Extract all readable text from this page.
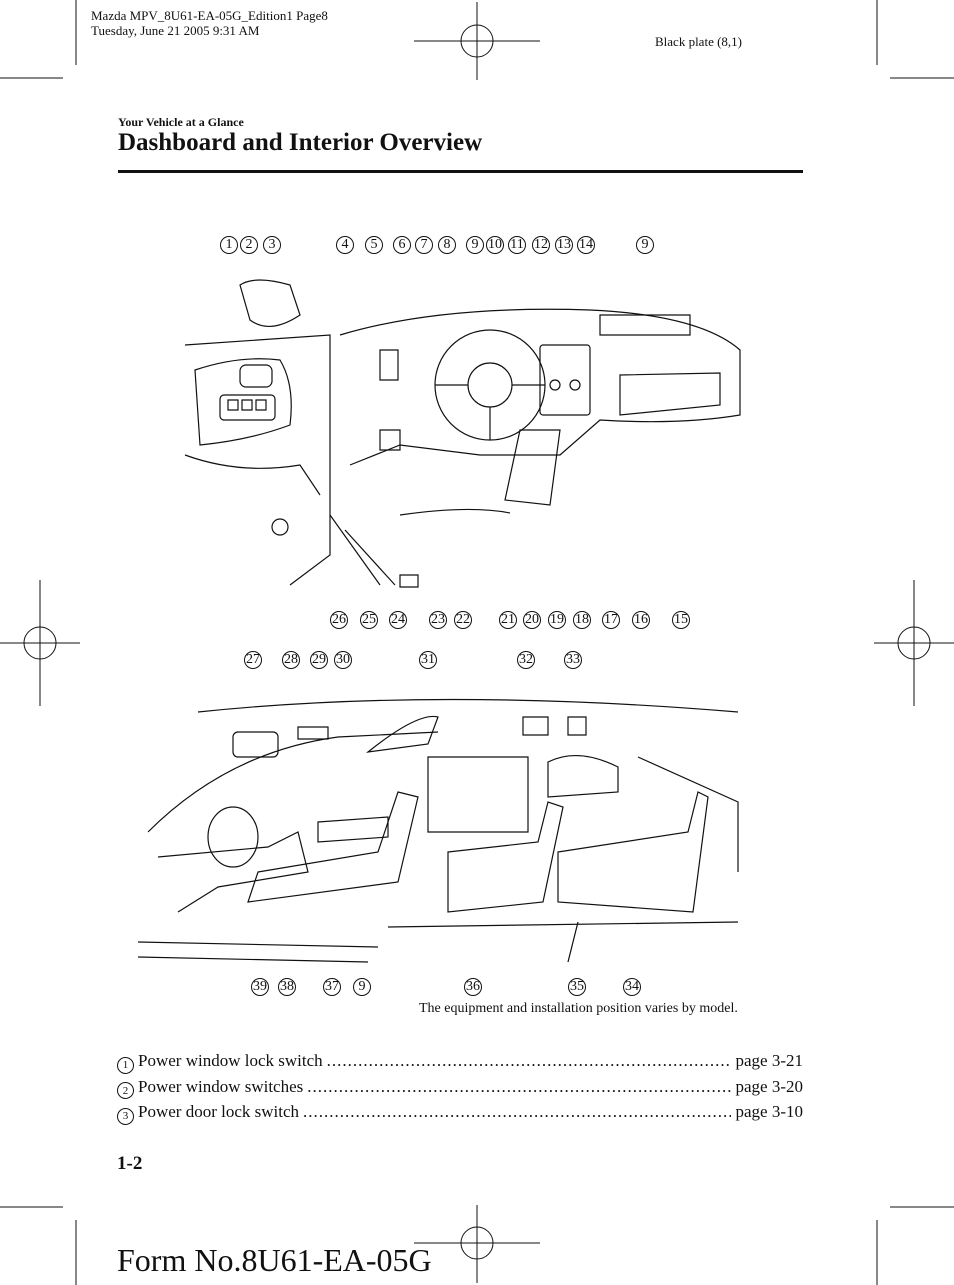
Mazda MPV_8U61-EA-05G_Edition1 Page8
Tuesday, June 21 2005 9:31 AM
Black plate (8,1)
Your Vehicle at a Glance
Dashboard and Interior Overview
1 2	3	4	5	6	7	8	9 10 11 12 13 14	9
26 25 24 23 22 21 20 19 18 17 16 15
27 28 29 30	31	32 33
39 38 37	9	36	35	34
The equipment and installation position varies by model.
1 Power window lock switch .....	page 3-21
2 Power window switches .....	page 3-20
3 Power door lock switch .....	page 3-10
1-2
Form No.8U61-EA-05G
